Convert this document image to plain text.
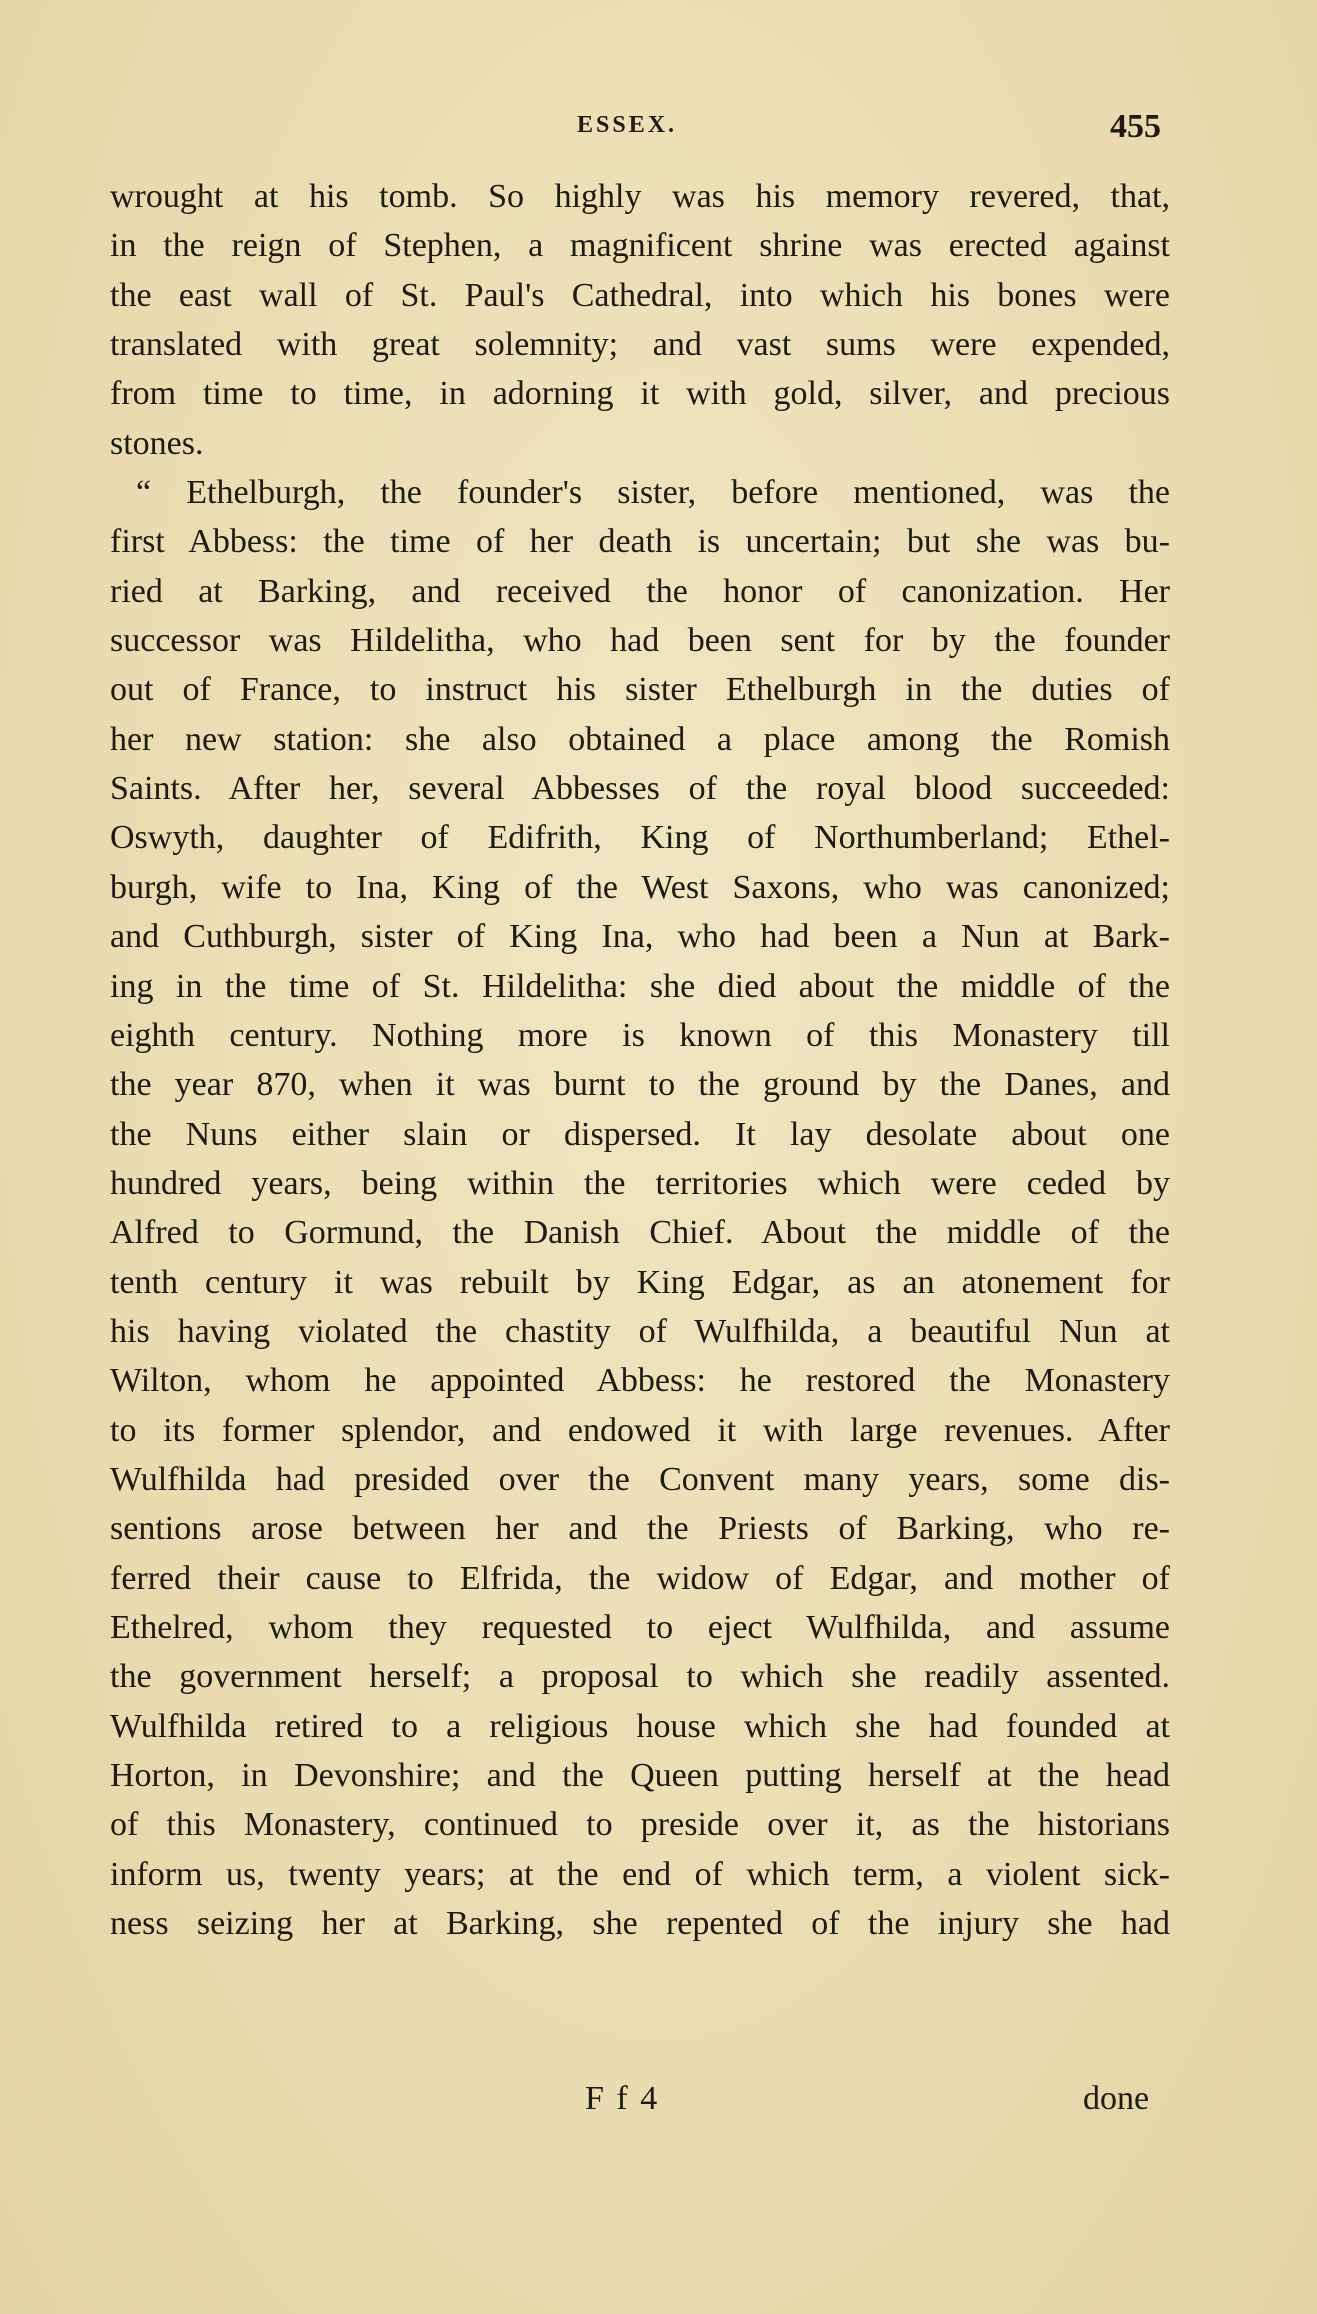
ESSEX.	455
wrought at his tomb. So highly was his memory revered, that,
in the reign of Stephen, a magnificent shrine was erected against
the east wall of St. Paul's Cathedral, into which his bones were
translated with great solemnity; and vast sums were expended,
from time to time, in adorning it with gold, silver, and precious
stones.
“ Ethelburgh, the founder's sister, before mentioned, was the
first Abbess: the time of her death is uncertain; but she was bu-
ried at Barking, and received the honor of canonization. Her
successor was Hildelitha, who had been sent for by the founder
out of France, to instruct his sister Ethelburgh in the duties of
her new station: she also obtained a place among the Romish
Saints. After her, several Abbesses of the royal blood succeeded:
Oswyth, daughter of Edifrith, King of Northumberland; Ethel-
burgh, wife to Ina, King of the West Saxons, who was canonized;
and Cuthburgh, sister of King Ina, who had been a Nun at Bark-
ing in the time of St. Hildelitha: she died about the middle of the
eighth century. Nothing more is known of this Monastery till
the year 870, when it was burnt to the ground by the Danes, and
the Nuns either slain or dispersed. It lay desolate about one
hundred years, being within the territories which were ceded by
Alfred to Gormund, the Danish Chief. About the middle of the
tenth century it was rebuilt by King Edgar, as an atonement for
his having violated the chastity of Wulfhilda, a beautiful Nun at
Wilton, whom he appointed Abbess: he restored the Monastery
to its former splendor, and endowed it with large revenues. After
Wulfhilda had presided over the Convent many years, some dis-
sentions arose between her and the Priests of Barking, who re-
ferred their cause to Elfrida, the widow of Edgar, and mother of
Ethelred, whom they requested to eject Wulfhilda, and assume
the government herself; a proposal to which she readily assented.
Wulfhilda retired to a religious house which she had founded at
Horton, in Devonshire; and the Queen putting herself at the head
of this Monastery, continued to preside over it, as the historians
inform us, twenty years; at the end of which term, a violent sick-
ness seizing her at Barking, she repented of the injury she had
F f 4	done
